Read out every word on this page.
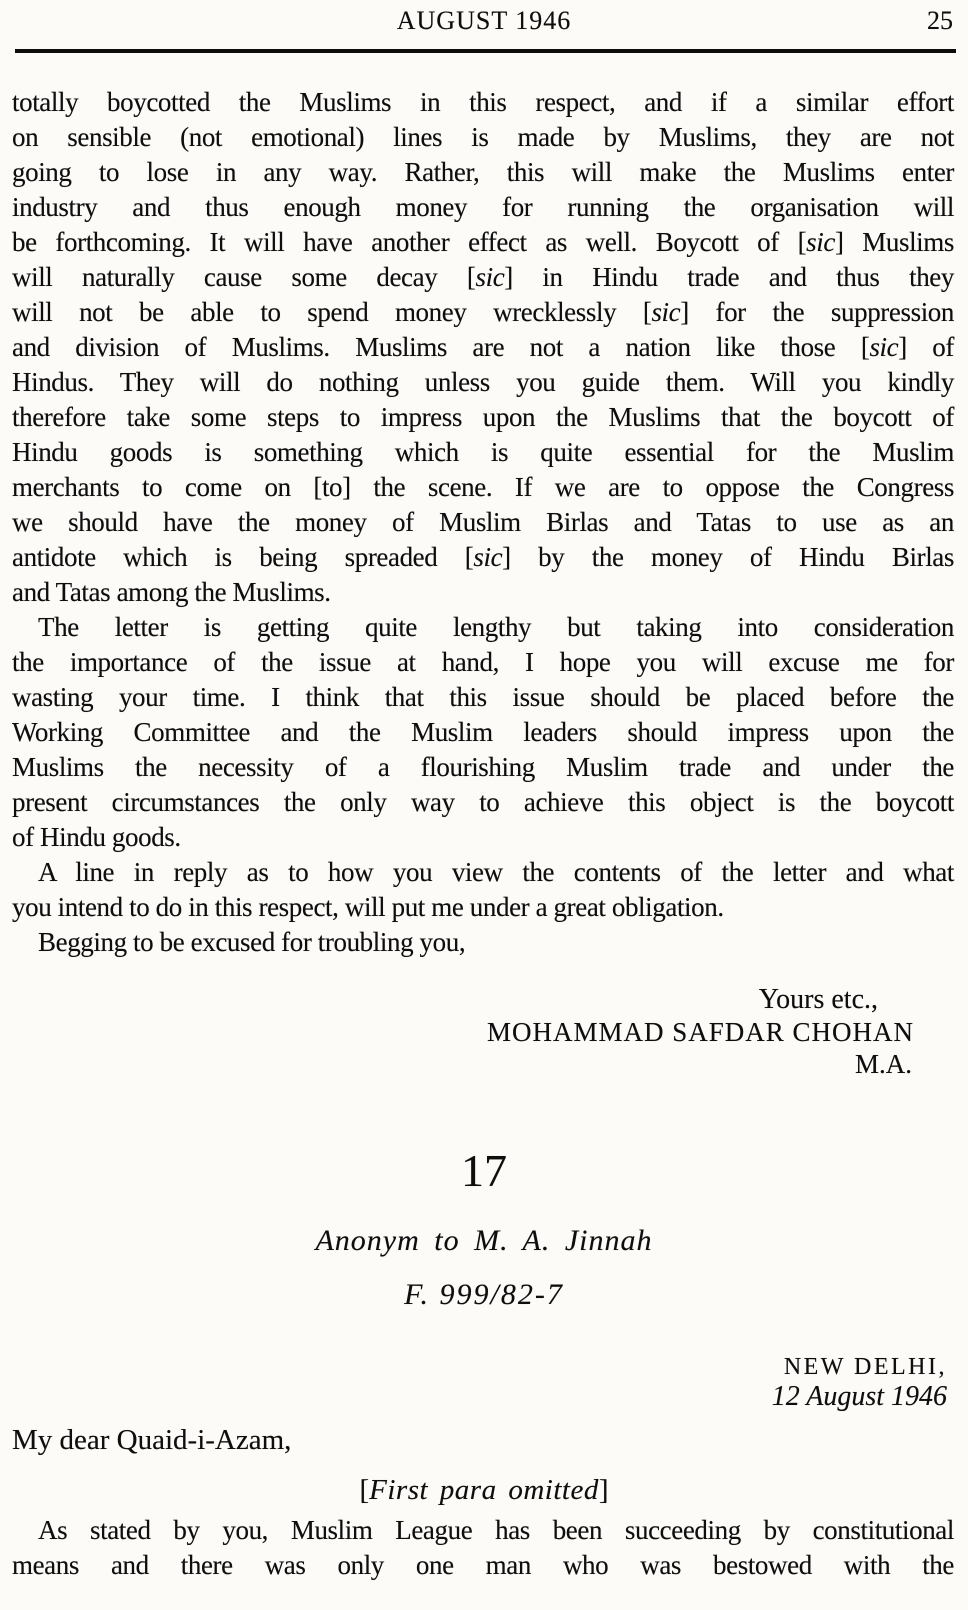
AUGUST 1946	25
totally boycotted the Muslims in this respect, and if a similar effort
on sensible (not emotional) lines is made by Muslims, they are not
going to lose in any way. Rather, this will make the Muslims enter
industry and thus enough money for running the organisation will
be forthcoming. It will have another effect as well. Boycott of [sic] Muslims
will naturally cause some decay [sic] in Hindu trade and thus they
will not be able to spend money wrecklessly [sic] for the suppression
and division of Muslims. Muslims are not a nation like those [sic] of
Hindus. They will do nothing unless you guide them. Will you kindly
therefore take some steps to impress upon the Muslims that the boycott of
Hindu goods is something which is quite essential for the Muslim
merchants to come on [to] the scene. If we are to oppose the Congress
we should have the money of Muslim Birlas and Tatas to use as an
antidote which is being spreaded [sic] by the money of Hindu Birlas
and Tatas among the Muslims.
The letter is getting quite lengthy but taking into consideration
the importance of the issue at hand, I hope you will excuse me for
wasting your time. I think that this issue should be placed before the
Working Committee and the Muslim leaders should impress upon the
Muslims the necessity of a flourishing Muslim trade and under the
present circumstances the only way to achieve this object is the boycott
of Hindu goods.
A line in reply as to how you view the contents of the letter and what
you intend to do in this respect, will put me under a great obligation.
Begging to be excused for troubling you,
Yours etc.,
MOHAMMAD SAFDAR CHOHAN
M.A.
17
Anonym to M. A. Jinnah
F. 999/82-7
NEW DELHI,
12 August 1946
My dear Quaid-i-Azam,
[First para omitted]
As stated by you, Muslim League has been succeeding by constitutional
means and there was only one man who was bestowed with the
